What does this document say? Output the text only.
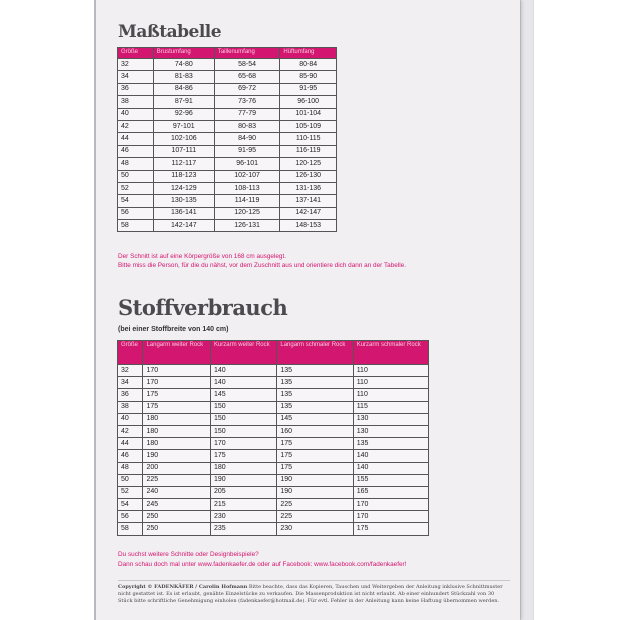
Maßtabelle
Größe	Brustumfang	Taillenumfang	Hüftumfang
32	74-80	58-54	80-84
34	81-83	65-68	85-90
36	84-86	69-72	91-95
38	87-91	73-76	96-100
40	92-96	77-79	101-104
42	97-101	80-83	105-109
44	102-106	84-90	110-115
46	107-111	91-95	116-119
48	112-117	96-101	120-125
50	118-123	102-107	126-130
52	124-129	108-113	131-136
54	130-135	114-119	137-141
56	136-141	120-125	142-147
58	142-147	126-131	148-153
Der Schnitt ist auf eine Körpergröße von 168 cm ausgelegt.
Bitte miss die Person, für die du nähst, vor dem Zuschnitt aus und orientiere dich dann an der Tabelle.
Stoffverbrauch
(bei einer Stoffbreite von 140 cm)
Größe	Langarm weiter Rock	Kurzarm weiter Rock	Langarm schmaler Rock	Kurzarm schmaler Rock
32	170	140	135	110
34	170	140	135	110
36	175	145	135	110
38	175	150	135	115
40	180	150	145	130
42	180	150	160	130
44	180	170	175	135
46	190	175	175	140
48	200	180	175	140
50	225	190	190	155
52	240	205	190	165
54	245	215	225	170
56	250	230	225	170
58	250	235	230	175
Du suchst weitere Schnitte oder Designbeispiele?
Dann schau doch mal unter www.fadenkaefer.de oder auf Facebook: www.facebook.com/fadenkaefer!
Copyright © FADENKÄFER / Carolin Hofmann Bitte beachte, dass das Kopieren, Tauschen und Weitergeben der Anleitung inklusive Schnittmuster nicht gestattet ist. Es ist erlaubt, genähte Einzelstücke zu verkaufen. Die Massenproduktion ist nicht erlaubt. Ab einer einhundert Stückzahl von 30 Stück bitte schriftliche Genehmigung einholen (fadenkaefer@hotmail.de). Für evtl. Fehler in der Anleitung kann keine Haftung übernommen werden.
